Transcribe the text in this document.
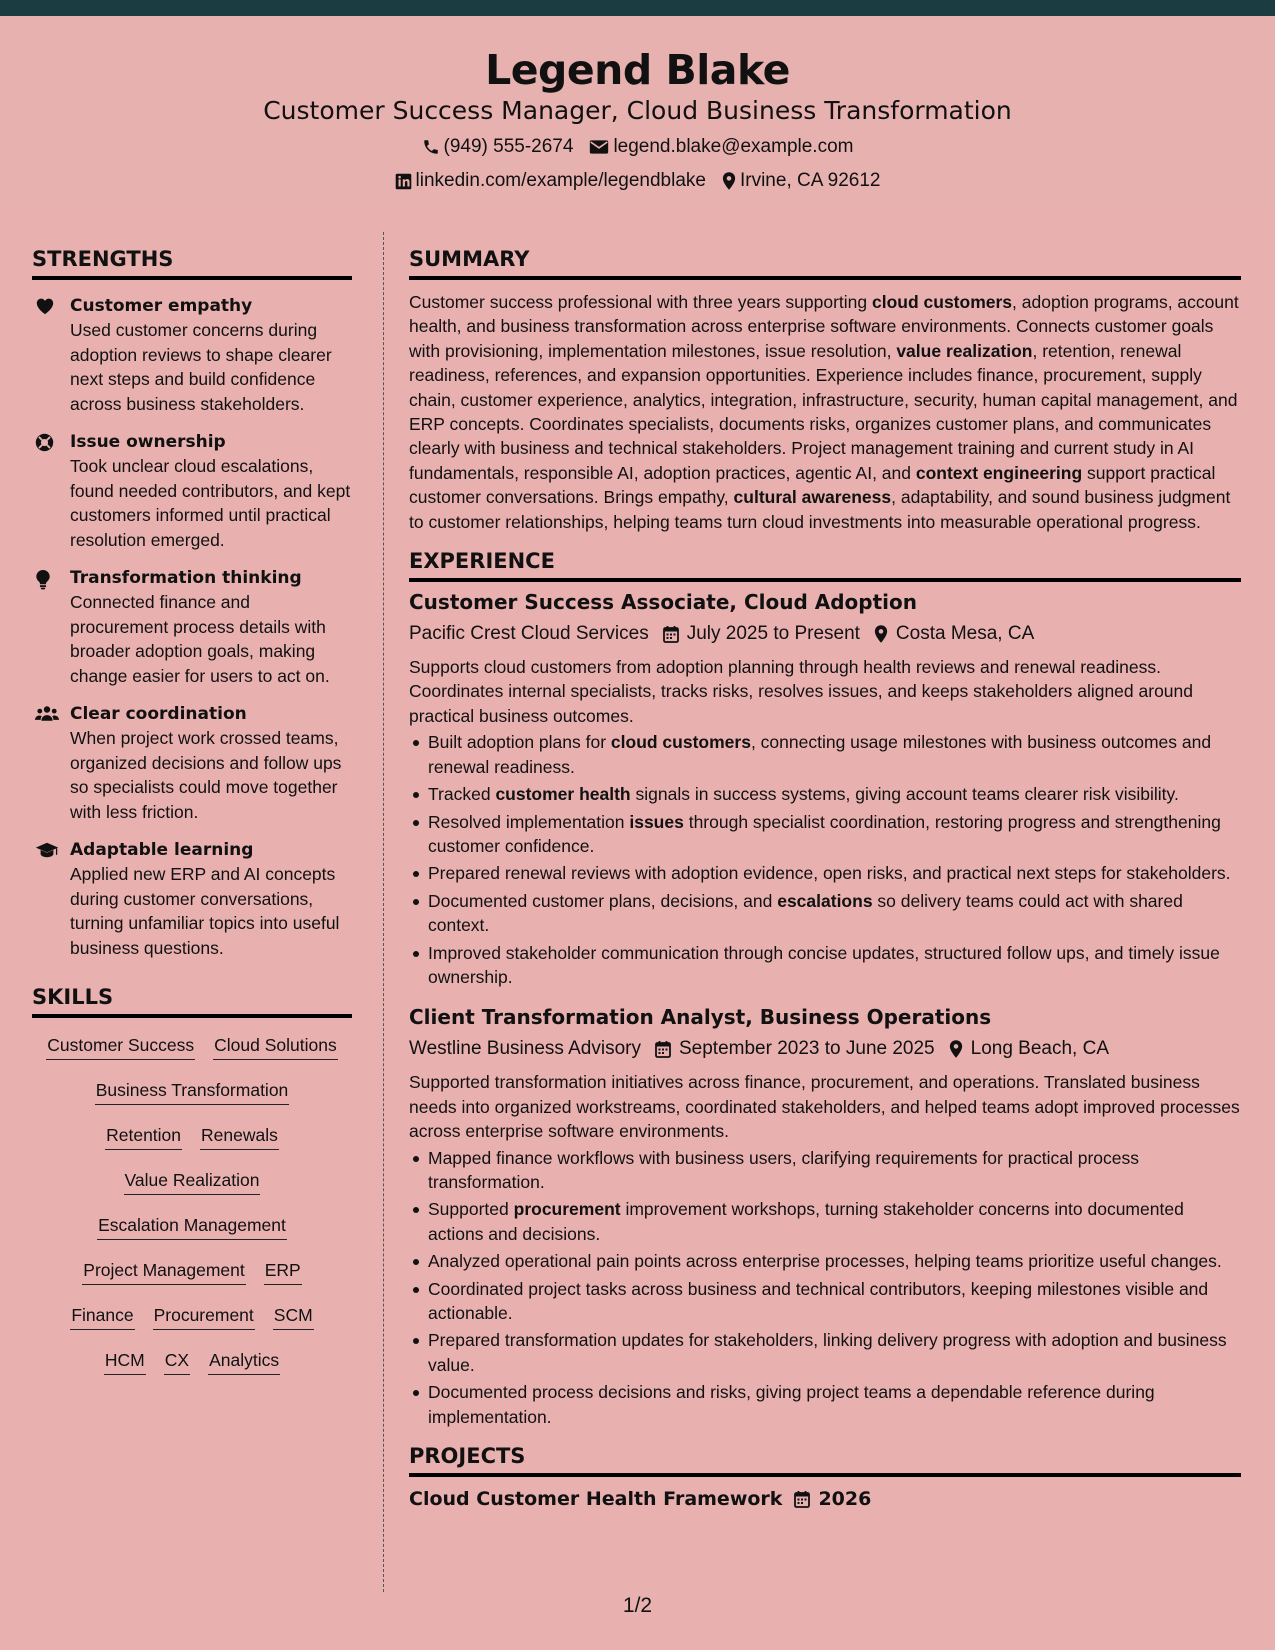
Legend Blake
Customer Success Manager, Cloud Business Transformation
(949) 555-2674 legend.blake@example.com
linkedin.com/example/legendblake Irvine, CA 92612
STRENGTHS
Customer empathy
Used customer concerns during adoption reviews to shape clearer next steps and build confidence across business stakeholders.
Issue ownership
Took unclear cloud escalations, found needed contributors, and kept customers informed until practical resolution emerged.
Transformation thinking
Connected finance and procurement process details with broader adoption goals, making change easier for users to act on.
Clear coordination
When project work crossed teams, organized decisions and follow ups so specialists could move together with less friction.
Adaptable learning
Applied new ERP and AI concepts during customer conversations, turning unfamiliar topics into useful business questions.
SKILLS
Customer Success Cloud Solutions
Business Transformation
Retention Renewals
Value Realization
Escalation Management
Project Management ERP
Finance Procurement SCM
HCM CX Analytics
SUMMARY
Customer success professional with three years supporting cloud customers, adoption programs, account health, and business transformation across enterprise software environments. Connects customer goals with provisioning, implementation milestones, issue resolution, value realization, retention, renewal readiness, references, and expansion opportunities. Experience includes finance, procurement, supply chain, customer experience, analytics, integration, infrastructure, security, human capital management, and ERP concepts. Coordinates specialists, documents risks, organizes customer plans, and communicates clearly with business and technical stakeholders. Project management training and current study in AI fundamentals, responsible AI, adoption practices, agentic AI, and context engineering support practical customer conversations. Brings empathy, cultural awareness, adaptability, and sound business judgment to customer relationships, helping teams turn cloud investments into measurable operational progress.
EXPERIENCE
Customer Success Associate, Cloud Adoption
Pacific Crest Cloud Services July 2025 to Present Costa Mesa, CA
Supports cloud customers from adoption planning through health reviews and renewal readiness. Coordinates internal specialists, tracks risks, resolves issues, and keeps stakeholders aligned around practical business outcomes.
Built adoption plans for cloud customers, connecting usage milestones with business outcomes and renewal readiness.
Tracked customer health signals in success systems, giving account teams clearer risk visibility.
Resolved implementation issues through specialist coordination, restoring progress and strengthening customer confidence.
Prepared renewal reviews with adoption evidence, open risks, and practical next steps for stakeholders.
Documented customer plans, decisions, and escalations so delivery teams could act with shared context.
Improved stakeholder communication through concise updates, structured follow ups, and timely issue ownership.
Client Transformation Analyst, Business Operations
Westline Business Advisory September 2023 to June 2025 Long Beach, CA
Supported transformation initiatives across finance, procurement, and operations. Translated business needs into organized workstreams, coordinated stakeholders, and helped teams adopt improved processes across enterprise software environments.
Mapped finance workflows with business users, clarifying requirements for practical process transformation.
Supported procurement improvement workshops, turning stakeholder concerns into documented actions and decisions.
Analyzed operational pain points across enterprise processes, helping teams prioritize useful changes.
Coordinated project tasks across business and technical contributors, keeping milestones visible and actionable.
Prepared transformation updates for stakeholders, linking delivery progress with adoption and business value.
Documented process decisions and risks, giving project teams a dependable reference during implementation.
PROJECTS
Cloud Customer Health Framework 2026
1/2
